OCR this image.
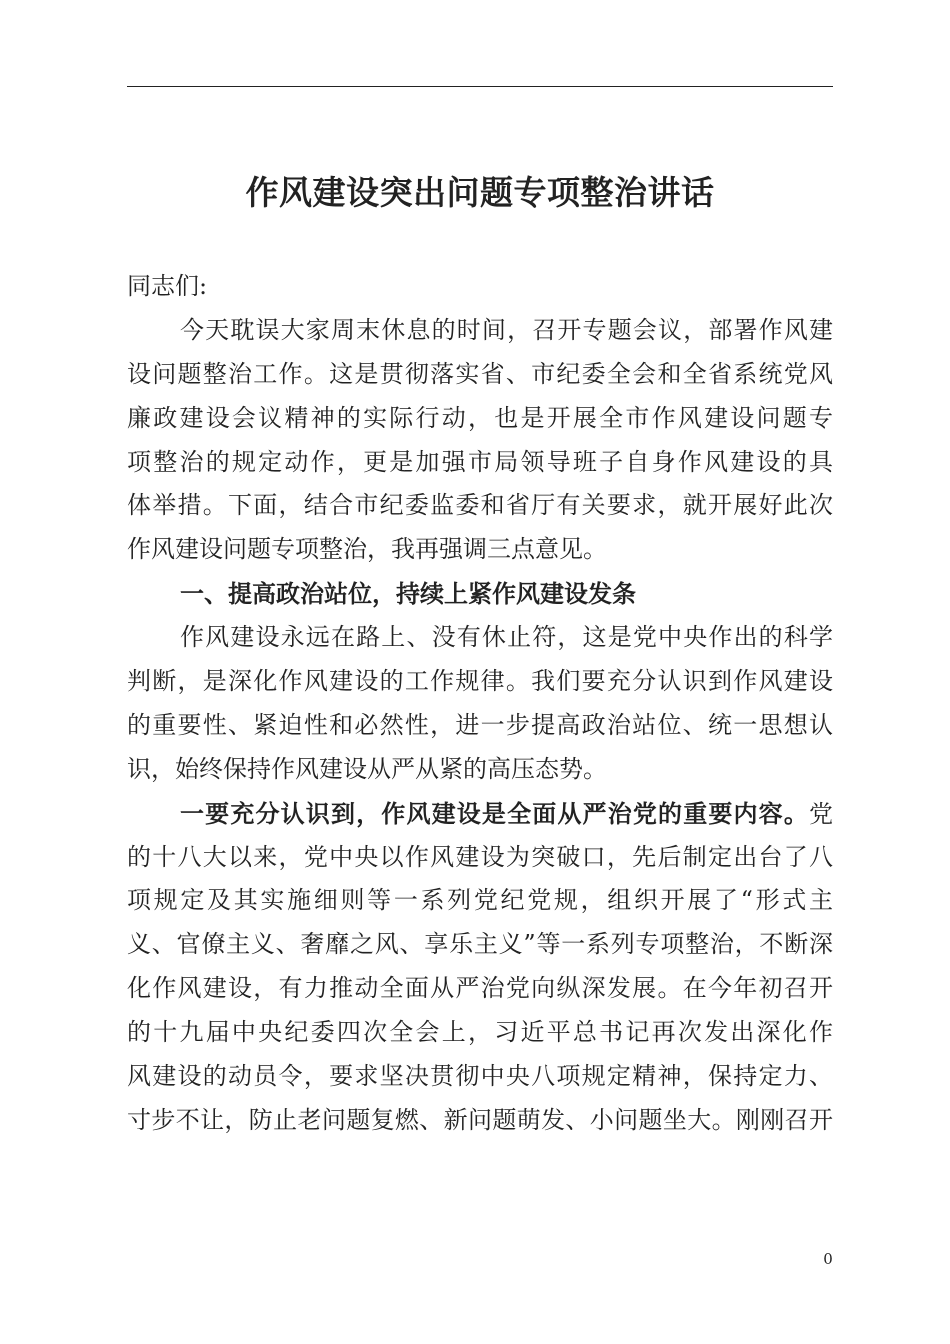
作风建设突出问题专项整治讲话
同志们:
今天耽误大家周末休息的时间，召开专题会议，部署作风建
设问题整治工作。这是贯彻落实省、市纪委全会和全省系统党风
廉政建设会议精神的实际行动，也是开展全市作风建设问题专
项整治的规定动作，更是加强市局领导班子自身作风建设的具
体举措。下面，结合市纪委监委和省厅有关要求，就开展好此次
作风建设问题专项整治，我再强调三点意见。
一、提高政治站位，持续上紧作风建设发条
作风建设永远在路上、没有休止符，这是党中央作出的科学
判断，是深化作风建设的工作规律。我们要充分认识到作风建设
的重要性、紧迫性和必然性，进一步提高政治站位、统一思想认
识，始终保持作风建设从严从紧的高压态势。
一要充分认识到，作风建设是全面从严治党的重要内容。党
的十八大以来，党中央以作风建设为突破口，先后制定出台了八
项规定及其实施细则等一系列党纪党规，组织开展了“形式主
义、官僚主义、奢靡之风、享乐主义”等一系列专项整治，不断深
化作风建设，有力推动全面从严治党向纵深发展。在今年初召开
的十九届中央纪委四次全会上，习近平总书记再次发出深化作
风建设的动员令，要求坚决贯彻中央八项规定精神，保持定力、
寸步不让，防止老问题复燃、新问题萌发、小问题坐大。刚刚召开
0
